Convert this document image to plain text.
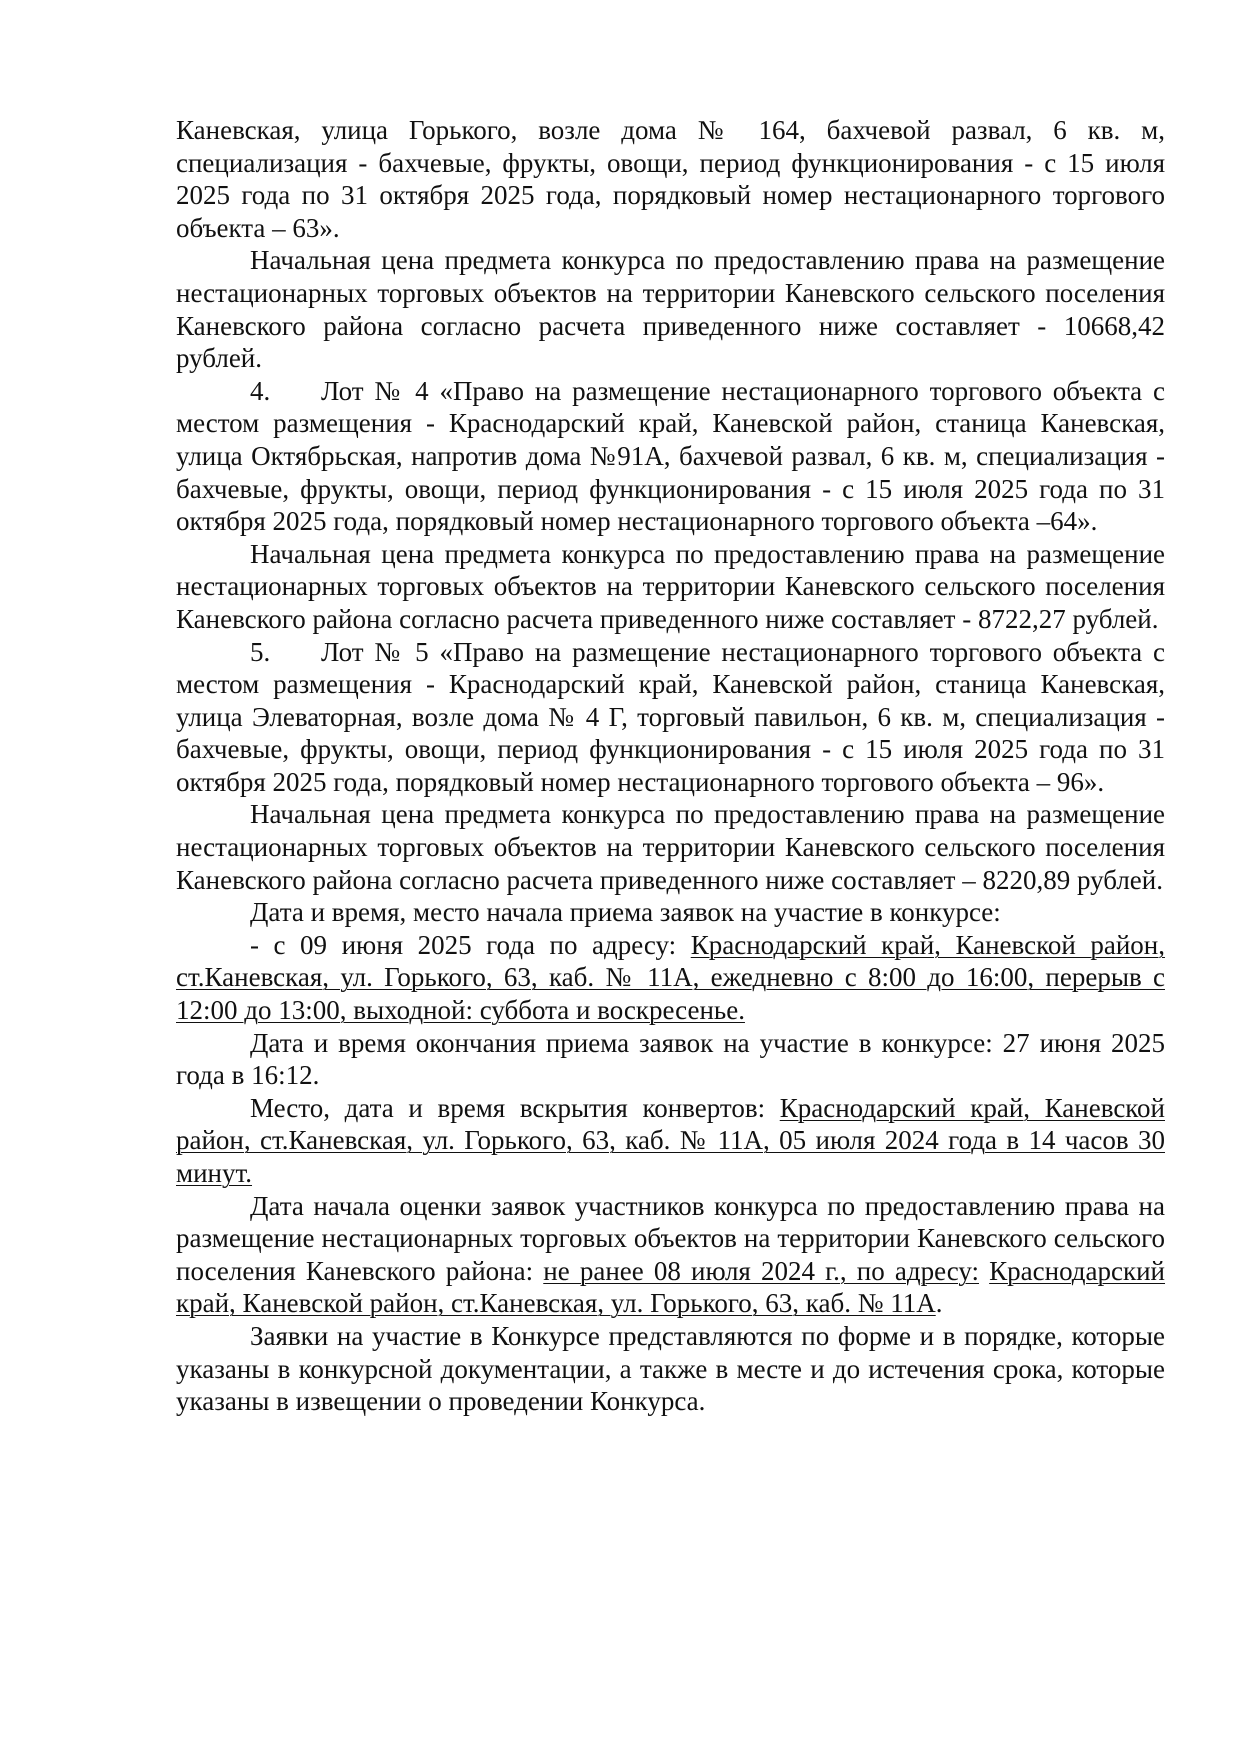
Каневская, улица Горького, возле дома № 164, бахчевой развал, 6 кв. м, специализация - бахчевые, фрукты, овощи, период функционирования - с 15 июля 2025 года по 31 октября 2025 года, порядковый номер нестационарного торгового объекта – 63».

Начальная цена предмета конкурса по предоставлению права на размещение нестационарных торговых объектов на территории Каневского сельского поселения Каневского района согласно расчета приведенного ниже составляет - 10668,42 рублей.

4. Лот № 4 «Право на размещение нестационарного торгового объекта с местом размещения - Краснодарский край, Каневской район, станица Каневская, улица Октябрьская, напротив дома №91А, бахчевой развал, 6 кв. м, специализация - бахчевые, фрукты, овощи, период функционирования - с 15 июля 2025 года по 31 октября 2025 года, порядковый номер нестационарного торгового объекта –64».

Начальная цена предмета конкурса по предоставлению права на размещение нестационарных торговых объектов на территории Каневского сельского поселения Каневского района согласно расчета приведенного ниже составляет - 8722,27 рублей.

5. Лот № 5 «Право на размещение нестационарного торгового объекта с местом размещения - Краснодарский край, Каневской район, станица Каневская, улица Элеваторная, возле дома № 4 Г, торговый павильон, 6 кв. м, специализация - бахчевые, фрукты, овощи, период функционирования - с 15 июля 2025 года по 31 октября 2025 года, порядковый номер нестационарного торгового объекта – 96».

Начальная цена предмета конкурса по предоставлению права на размещение нестационарных торговых объектов на территории Каневского сельского поселения Каневского района согласно расчета приведенного ниже составляет – 8220,89 рублей.

Дата и время, место начала приема заявок на участие в конкурсе:

- с 09 июня 2025 года по адресу: Краснодарский край, Каневской район, ст.Каневская, ул. Горького, 63, каб. № 11А, ежедневно с 8:00 до 16:00, перерыв с 12:00 до 13:00, выходной: суббота и воскресенье.

Дата и время окончания приема заявок на участие в конкурсе: 27 июня 2025 года в 16:12.

Место, дата и время вскрытия конвертов: Краснодарский край, Каневской район, ст.Каневская, ул. Горького, 63, каб. № 11А, 05 июля 2024 года в 14 часов 30 минут.

Дата начала оценки заявок участников конкурса по предоставлению права на размещение нестационарных торговых объектов на территории Каневского сельского поселения Каневского района: не ранее 08 июля 2024 г., по адресу: Краснодарский край, Каневской район, ст.Каневская, ул. Горького, 63, каб. № 11А.

Заявки на участие в Конкурсе представляются по форме и в порядке, которые указаны в конкурсной документации, а также в месте и до истечения срока, которые указаны в извещении о проведении Конкурса.
